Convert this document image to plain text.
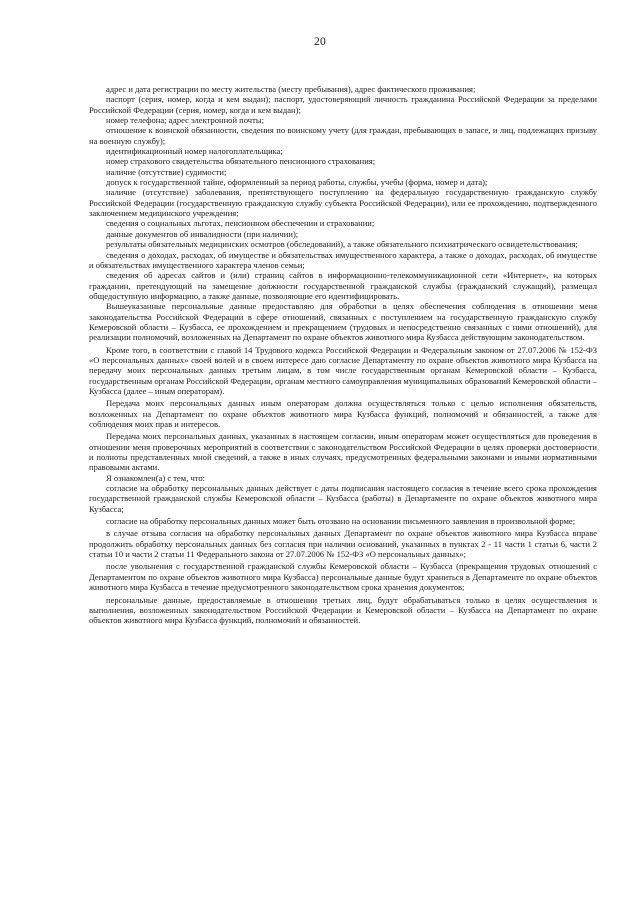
20

адрес и дата регистрации по месту жительства (месту пребывания), адрес фактического проживания;

паспорт (серия, номер, когда и кем выдан); паспорт, удостоверяющий личность гражданина Российской Федерации за пределами Российской Федерации (серия, номер, когда и кем выдан);

номер телефона; адрес электронной почты;

отношение к воинской обязанности, сведения по воинскому учету (для граждан, пребывающих в запасе, и лиц, подлежащих призыву на военную службу);

идентификационный номер налогоплательщика;

номер страхового свидетельства обязательного пенсионного страхования;

наличие (отсутствие) судимости;

допуск к государственной тайне, оформленный за период работы, службы, учебы (форма, номер и дата);

наличие (отсутствие) заболевания, препятствующего поступлению на федеральную государственную гражданскую службу Российской Федерации (государственную гражданскую службу субъекта Российской Федерации), или ее прохождению, подтвержденного заключением медицинского учреждения;

сведения о социальных льготах, пенсионном обеспечении и страховании;

данные документов об инвалидности (при наличии);

результаты обязательных медицинских осмотров (обследований), а также обязательного психиатрического освидетельствования;

сведения о доходах, расходах, об имуществе и обязательствах имущественного характера, а также о доходах, расходах, об имуществе и обязательствах имущественного характера членов семьи;

сведения об адресах сайтов и (или) страниц сайтов в информационно-телекоммуникационной сети «Интернет», на которых гражданин, претендующий на замещение должности государственной гражданской службы (гражданский служащий), размещал общедоступную информацию, а также данные, позволяющие его идентифицировать.

Вышеуказанные персональные данные предоставляю для обработки в целях обеспечения соблюдения в отношении меня законодательства Российской Федерации в сфере отношений, связанных с поступлением на государственную гражданскую службу Кемеровской области – Кузбасса, ее прохождением и прекращением (трудовых и непосредственно связанных с ними отношений), для реализации полномочий, возложенных на Департамент по охране объектов животного мира Кузбасса действующим законодательством.

Кроме того, в соответствии с главой 14 Трудового кодекса Российской Федерации и Федеральным законом от 27.07.2006 № 152-ФЗ «О персональных данных» своей волей и в своем интересе даю согласие Департаменту по охране объектов животного мира Кузбасса на передачу моих персональных данных третьим лицам, в том числе государственным органам Кемеровской области – Кузбасса, государственным органам Российской Федерации, органам местного самоуправления муниципальных образований Кемеровской области – Кузбасса (далее – иным операторам).

Передача моих персональных данных иным операторам должна осуществляться только с целью исполнения обязательств, возложенных на Департамент по охране объектов животного мира Кузбасса функций, полномочий и обязанностей, а также для соблюдения моих прав и интересов.

Передача моих персональных данных, указанных в настоящем согласии, иным операторам может осуществляться для проведения в отношении меня проверочных мероприятий в соответствии с законодательством Российской Федерации в целях проверки достоверности и полноты представленных мной сведений, а также в иных случаях, предусмотренных федеральными законами и иными нормативными правовыми актами.

Я ознакомлен(а) с тем, что:

согласие на обработку персональных данных действует с даты подписания настоящего согласия в течение всего срока прохождения государственной гражданской службы Кемеровской области – Кузбасса (работы) в Департаменте по охране объектов животного мира Кузбасса;

согласие на обработку персональных данных может быть отозвано на основании письменного заявления в произвольной форме;

в случае отзыва согласия на обработку персональных данных Департамент по охране объектов животного мира Кузбасса вправе продолжить обработку персональных данных без согласия при наличии оснований, указанных в пунктах 2 - 11 части 1 статьи 6, части 2 статьи 10 и части 2 статьи 11 Федерального закона от 27.07.2006 № 152-ФЗ «О персональных данных»;

после увольнения с государственной гражданской службы Кемеровской области – Кузбасса (прекращения трудовых отношений с Департаментом по охране объектов животного мира Кузбасса) персональные данные будут храниться в Департаменте по охране объектов животного мира Кузбасса в течение предусмотренного законодательством срока хранения документов;

персональные данные, предоставляемые в отношении третьих лиц, будут обрабатываться только в целях осуществления и выполнения, возложенных законодательством Российской Федерации и Кемеровской области – Кузбасса на Департамент по охране объектов животного мира Кузбасса функций, полномочий и обязанностей.
